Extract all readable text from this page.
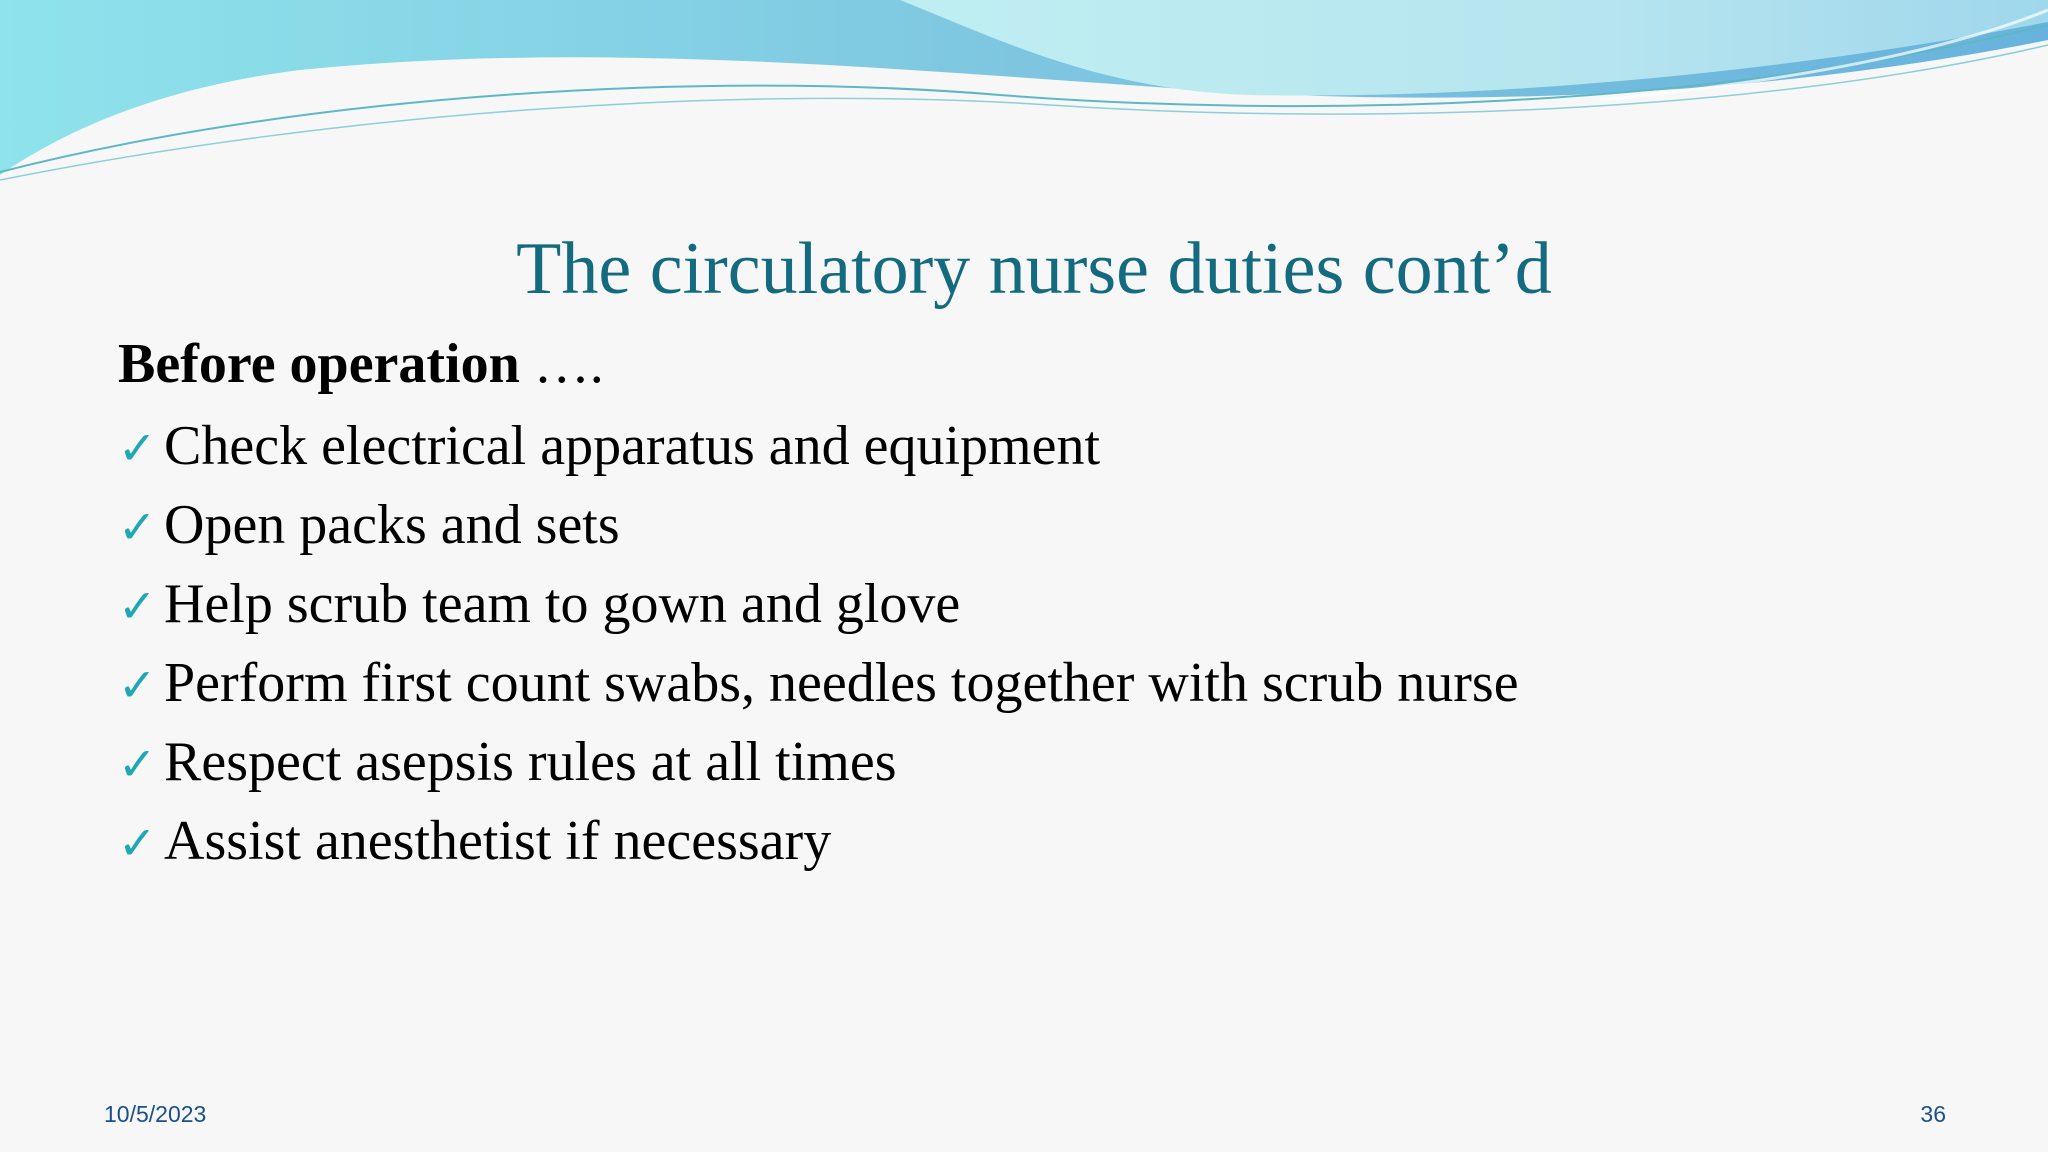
The circulatory nurse duties cont’d
Before operation ….
✓ Check electrical apparatus and equipment
✓ Open packs and sets
✓ Help scrub team to gown and glove
✓ Perform first count swabs, needles together with scrub nurse
✓ Respect asepsis rules at all times
✓ Assist anesthetist if necessary
10/5/2023	36
